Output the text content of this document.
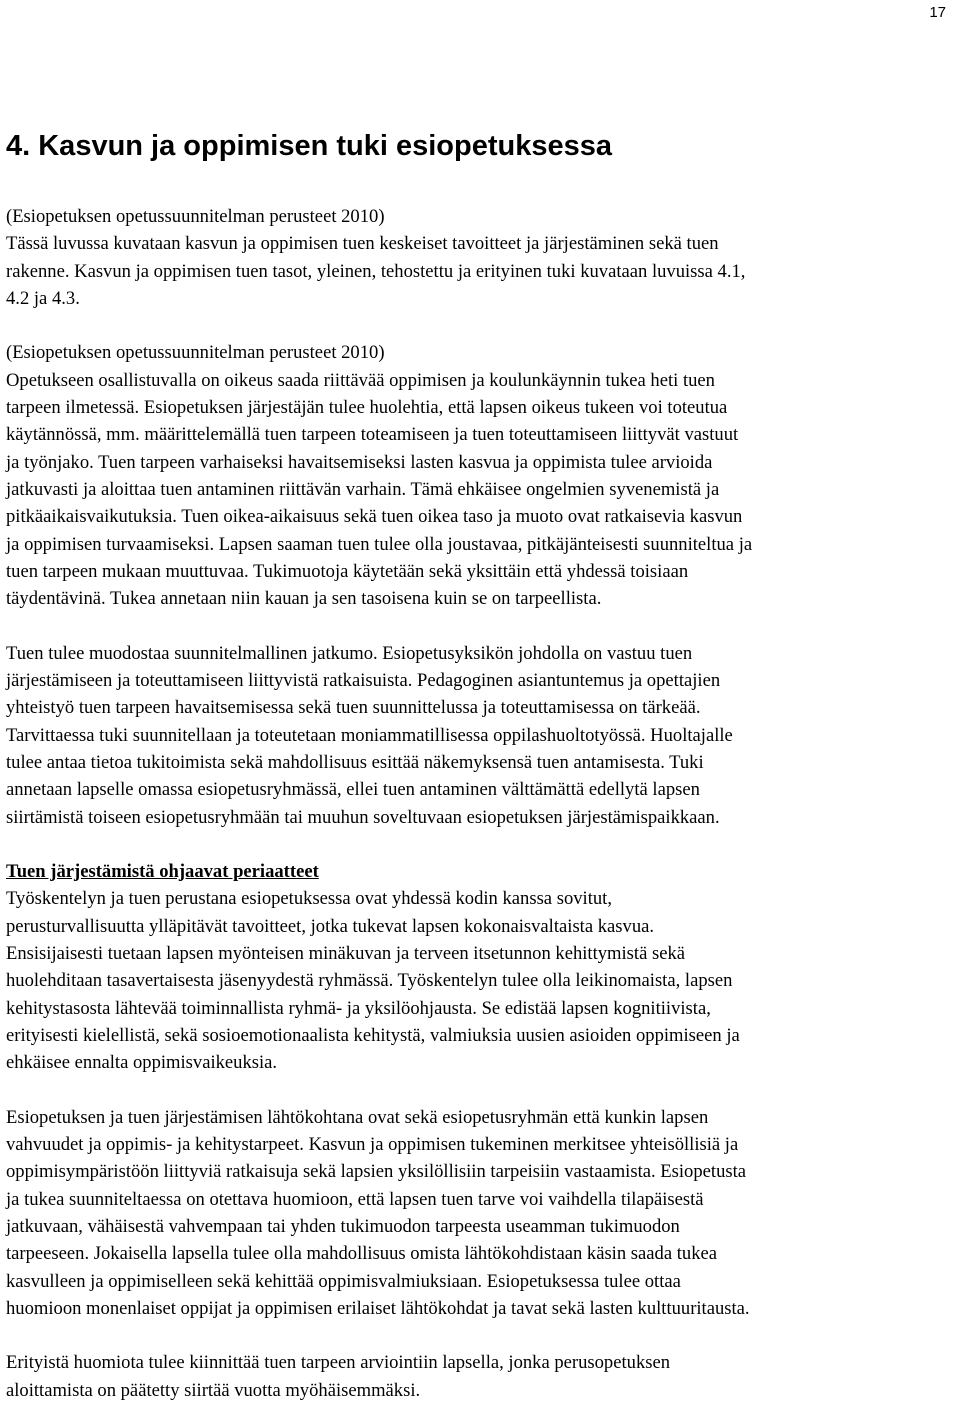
17
4. Kasvun ja oppimisen tuki esiopetuksessa
(Esiopetuksen opetussuunnitelman perusteet 2010)
Tässä luvussa kuvataan kasvun ja oppimisen tuen keskeiset tavoitteet ja järjestäminen sekä tuen
rakenne. Kasvun ja oppimisen tuen tasot, yleinen, tehostettu ja erityinen tuki kuvataan luvuissa 4.1,
4.2 ja 4.3.
(Esiopetuksen opetussuunnitelman perusteet 2010)
Opetukseen osallistuvalla on oikeus saada riittävää oppimisen ja koulunkäynnin tukea heti tuen
tarpeen ilmetessä. Esiopetuksen järjestäjän tulee huolehtia, että lapsen oikeus tukeen voi toteutua
käytännössä, mm. määrittelemällä tuen tarpeen toteamiseen ja tuen toteuttamiseen liittyvät vastuut
ja työnjako. Tuen tarpeen varhaiseksi havaitsemiseksi lasten kasvua ja oppimista tulee arvioida
jatkuvasti ja aloittaa tuen antaminen riittävän varhain. Tämä ehkäisee ongelmien syvenemistä ja
pitkäaikaisvaikutuksia. Tuen oikea-aikaisuus sekä tuen oikea taso ja muoto ovat ratkaisevia kasvun
ja oppimisen turvaamiseksi. Lapsen saaman tuen tulee olla joustavaa, pitkäjänteisesti suunniteltua ja
tuen tarpeen mukaan muuttuvaa. Tukimuotoja käytetään sekä yksittäin että yhdessä toisiaan
täydentävinä. Tukea annetaan niin kauan ja sen tasoisena kuin se on tarpeellista.
Tuen tulee muodostaa suunnitelmallinen jatkumo. Esiopetusyksikön johdolla on vastuu tuen
järjestämiseen ja toteuttamiseen liittyvistä ratkaisuista. Pedagoginen asiantuntemus ja opettajien
yhteistyö tuen tarpeen havaitsemisessa sekä tuen suunnittelussa ja toteuttamisessa on tärkeää.
Tarvittaessa tuki suunnitellaan ja toteutetaan moniammatillisessa oppilashuoltotyössä. Huoltajalle
tulee antaa tietoa tukitoimista sekä mahdollisuus esittää näkemyksensä tuen antamisesta. Tuki
annetaan lapselle omassa esiopetusryhmässä, ellei tuen antaminen välttämättä edellytä lapsen
siirtämistä toiseen esiopetusryhmään tai muuhun soveltuvaan esiopetuksen järjestämispaikkaan.
Tuen järjestämistä ohjaavat periaatteet
Työskentelyn ja tuen perustana esiopetuksessa ovat yhdessä kodin kanssa sovitut,
perusturvallisuutta ylläpitävät tavoitteet, jotka tukevat lapsen kokonaisvaltaista kasvua.
Ensisijaisesti tuetaan lapsen myönteisen minäkuvan ja terveen itsetunnon kehittymistä sekä
huolehditaan tasavertaisesta jäsenyydestä ryhmässä. Työskentelyn tulee olla leikinomaista, lapsen
kehitystasosta lähtevää toiminnallista ryhmä- ja yksilöohjausta. Se edistää lapsen kognitiivista,
erityisesti kielellistä, sekä sosioemotionaalista kehitystä, valmiuksia uusien asioiden oppimiseen ja
ehkäisee ennalta oppimisvaikeuksia.
Esiopetuksen ja tuen järjestämisen lähtökohtana ovat sekä esiopetusryhmän että kunkin lapsen
vahvuudet ja oppimis- ja kehitystarpeet. Kasvun ja oppimisen tukeminen merkitsee yhteisöllisiä ja
oppimisympäristöön liittyviä ratkaisuja sekä lapsien yksilöllisiin tarpeisiin vastaamista. Esiopetusta
ja tukea suunniteltaessa on otettava huomioon, että lapsen tuen tarve voi vaihdella tilapäisestä
jatkuvaan, vähäisestä vahvempaan tai yhden tukimuodon tarpeesta useamman tukimuodon
tarpeeseen. Jokaisella lapsella tulee olla mahdollisuus omista lähtökohdistaan käsin saada tukea
kasvulleen ja oppimiselleen sekä kehittää oppimisvalmiuksiaan. Esiopetuksessa tulee ottaa
huomioon monenlaiset oppijat ja oppimisen erilaiset lähtökohdat ja tavat sekä lasten kulttuuritausta.
Erityistä huomiota tulee kiinnittää tuen tarpeen arviointiin lapsella, jonka perusopetuksen
aloittamista on päätetty siirtää vuotta myöhäisemmäksi.
